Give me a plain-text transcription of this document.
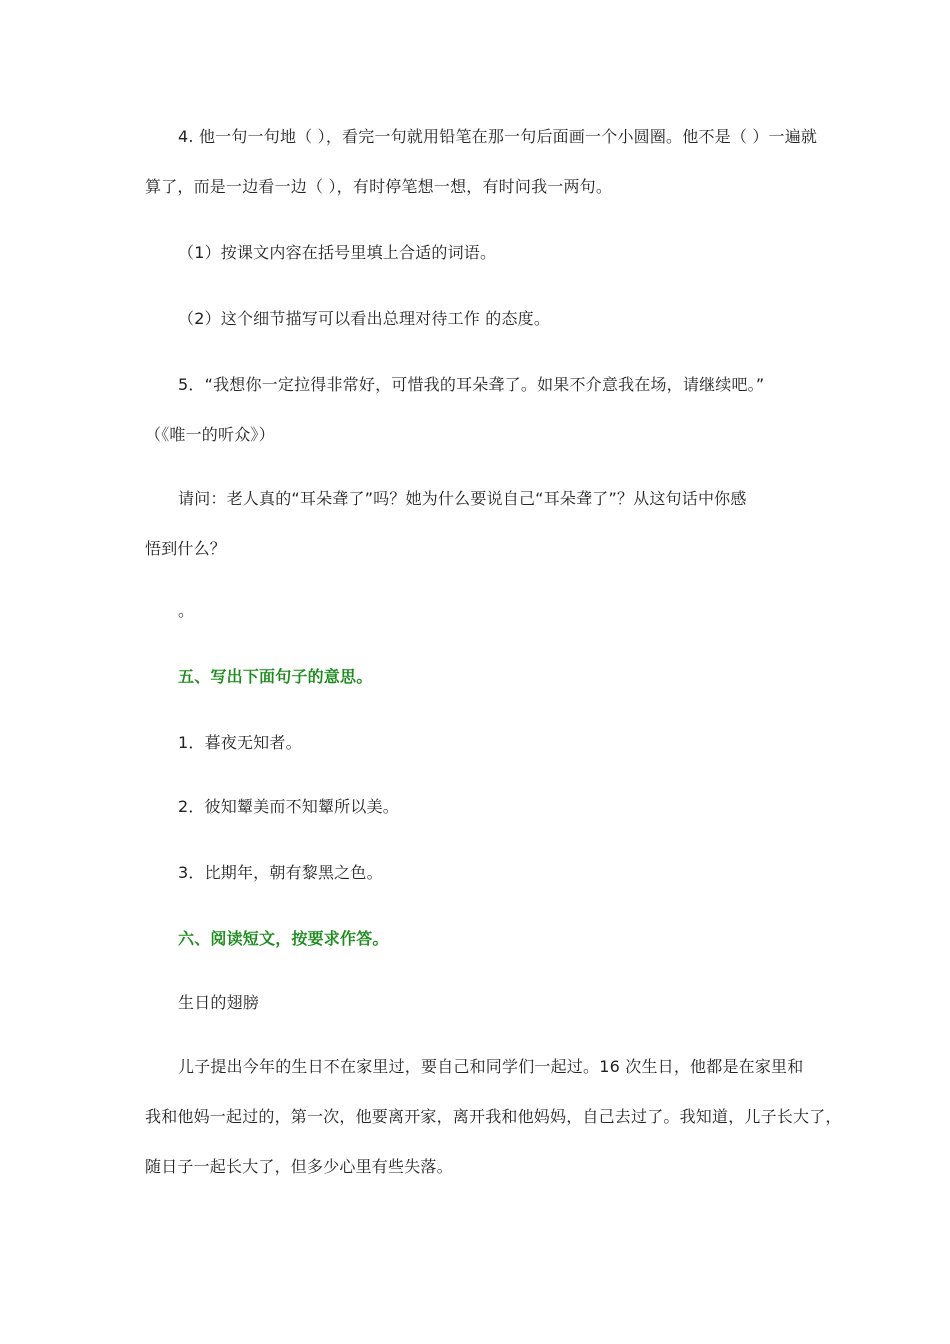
4. 他一句一句地（ ），看完一句就用铅笔在那一句后面画一个小圆圈。他不是（ ）一遍就
算了，而是一边看一边（ ），有时停笔想一想，有时问我一两句。
（1）按课文内容在括号里填上合适的词语。
（2）这个细节描写可以看出总理对待工作 的态度。
5．“我想你一定拉得非常好，可惜我的耳朵聋了。如果不介意我在场，请继续吧。”
（《唯一的听众》）
请问：老人真的“耳朵聋了”吗？她为什么要说自己“耳朵聋了”？从这句话中你感
悟到什么？
。
五、写出下面句子的意思。
1．暮夜无知者。
2．彼知颦美而不知颦所以美。
3．比期年，朝有黎黑之色。
六、阅读短文，按要求作答。
生日的翅膀
儿子提出今年的生日不在家里过，要自己和同学们一起过。16 次生日，他都是在家里和
我和他妈一起过的，第一次，他要离开家，离开我和他妈妈，自己去过了。我知道，儿子长大了，
随日子一起长大了，但多少心里有些失落。
